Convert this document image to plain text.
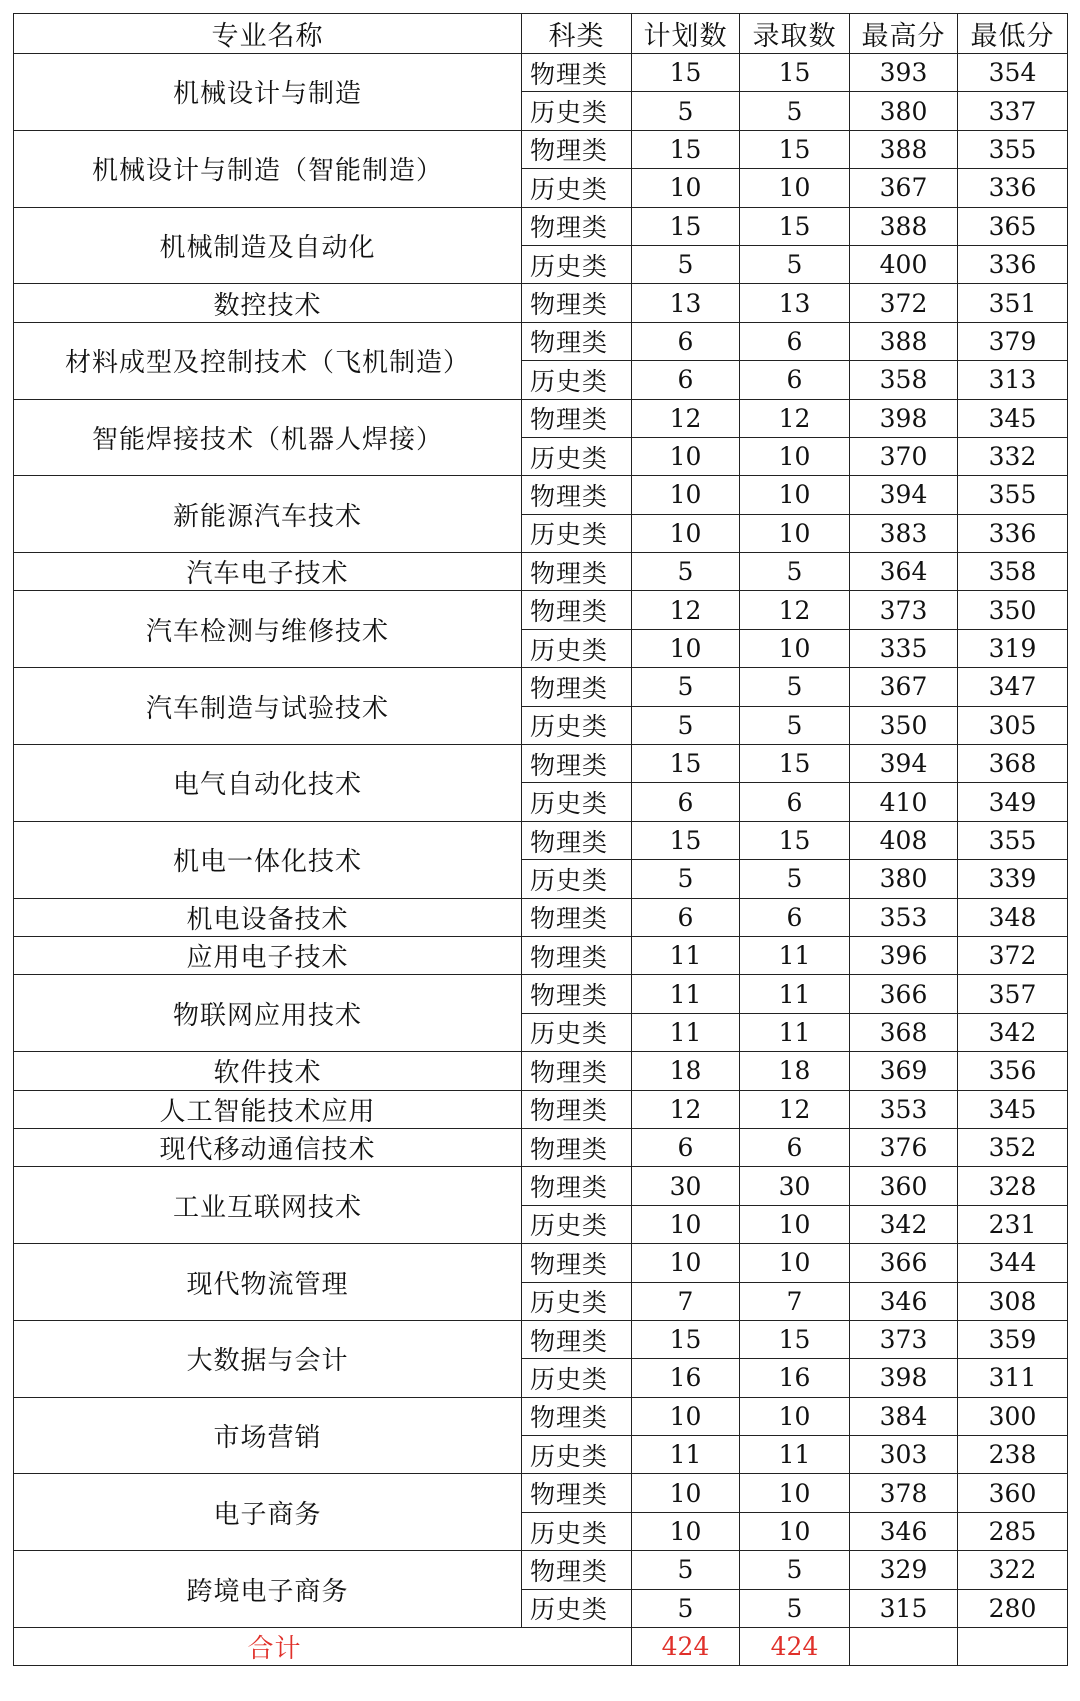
专业名称	科类	计划数	录取数	最高分	最低分
机械设计与制造	物理类	15	15	393	354
	历史类	5	5	380	337
机械设计与制造（智能制造）	物理类	15	15	388	355
	历史类	10	10	367	336
机械制造及自动化	物理类	15	15	388	365
	历史类	5	5	400	336
数控技术	物理类	13	13	372	351
材料成型及控制技术（飞机制造）	物理类	6	6	388	379
	历史类	6	6	358	313
智能焊接技术（机器人焊接）	物理类	12	12	398	345
	历史类	10	10	370	332
新能源汽车技术	物理类	10	10	394	355
	历史类	10	10	383	336
汽车电子技术	物理类	5	5	364	358
汽车检测与维修技术	物理类	12	12	373	350
	历史类	10	10	335	319
汽车制造与试验技术	物理类	5	5	367	347
	历史类	5	5	350	305
电气自动化技术	物理类	15	15	394	368
	历史类	6	6	410	349
机电一体化技术	物理类	15	15	408	355
	历史类	5	5	380	339
机电设备技术	物理类	6	6	353	348
应用电子技术	物理类	11	11	396	372
物联网应用技术	物理类	11	11	366	357
	历史类	11	11	368	342
软件技术	物理类	18	18	369	356
人工智能技术应用	物理类	12	12	353	345
现代移动通信技术	物理类	6	6	376	352
工业互联网技术	物理类	30	30	360	328
	历史类	10	10	342	231
现代物流管理	物理类	10	10	366	344
	历史类	7	7	346	308
大数据与会计	物理类	15	15	373	359
	历史类	16	16	398	311
市场营销	物理类	10	10	384	300
	历史类	11	11	303	238
电子商务	物理类	10	10	378	360
	历史类	10	10	346	285
跨境电子商务	物理类	5	5	329	322
	历史类	5	5	315	280
合计		424	424		
